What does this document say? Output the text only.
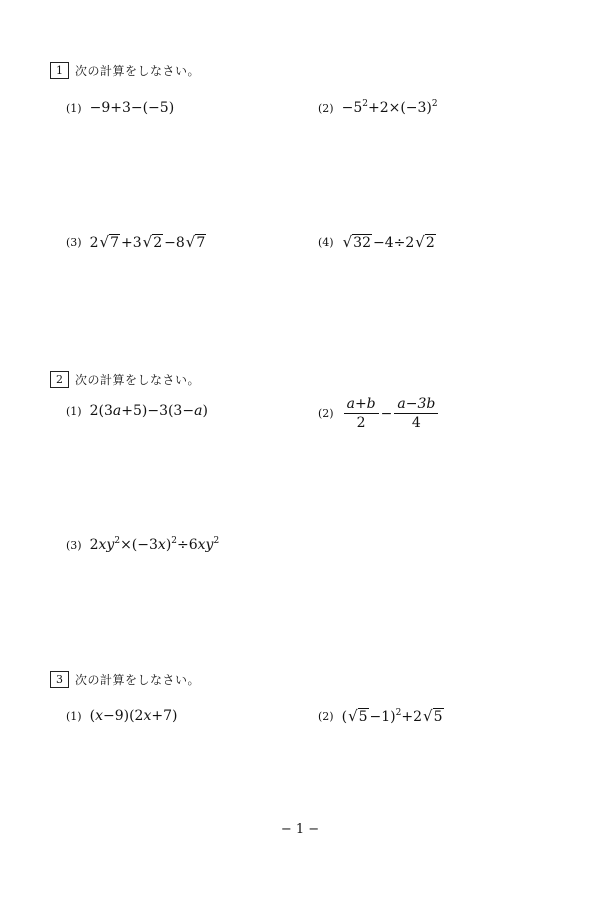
1	次の計算をしなさい。
(1) −9+3−(−5)	$(2) -5^2+2\times(-3)^2$
(3) 2 √ 7 +3 √ 2 −8 √ 7	(4) √ 32 −4÷2 √ 2
2	次の計算をしなさい。
(1) 2(3a+5)−3(3−a)	$(2) \frac{a+b}{2} - \frac{a-3b}{4}$
(3) $2xy^2\times(-3x)^2\div 6xy^2$
3	次の計算をしなさい。
(1) (x−9)(2x+7)	(2) ( √ 5 −1)$^2$+2 √ 5
− 1 −
